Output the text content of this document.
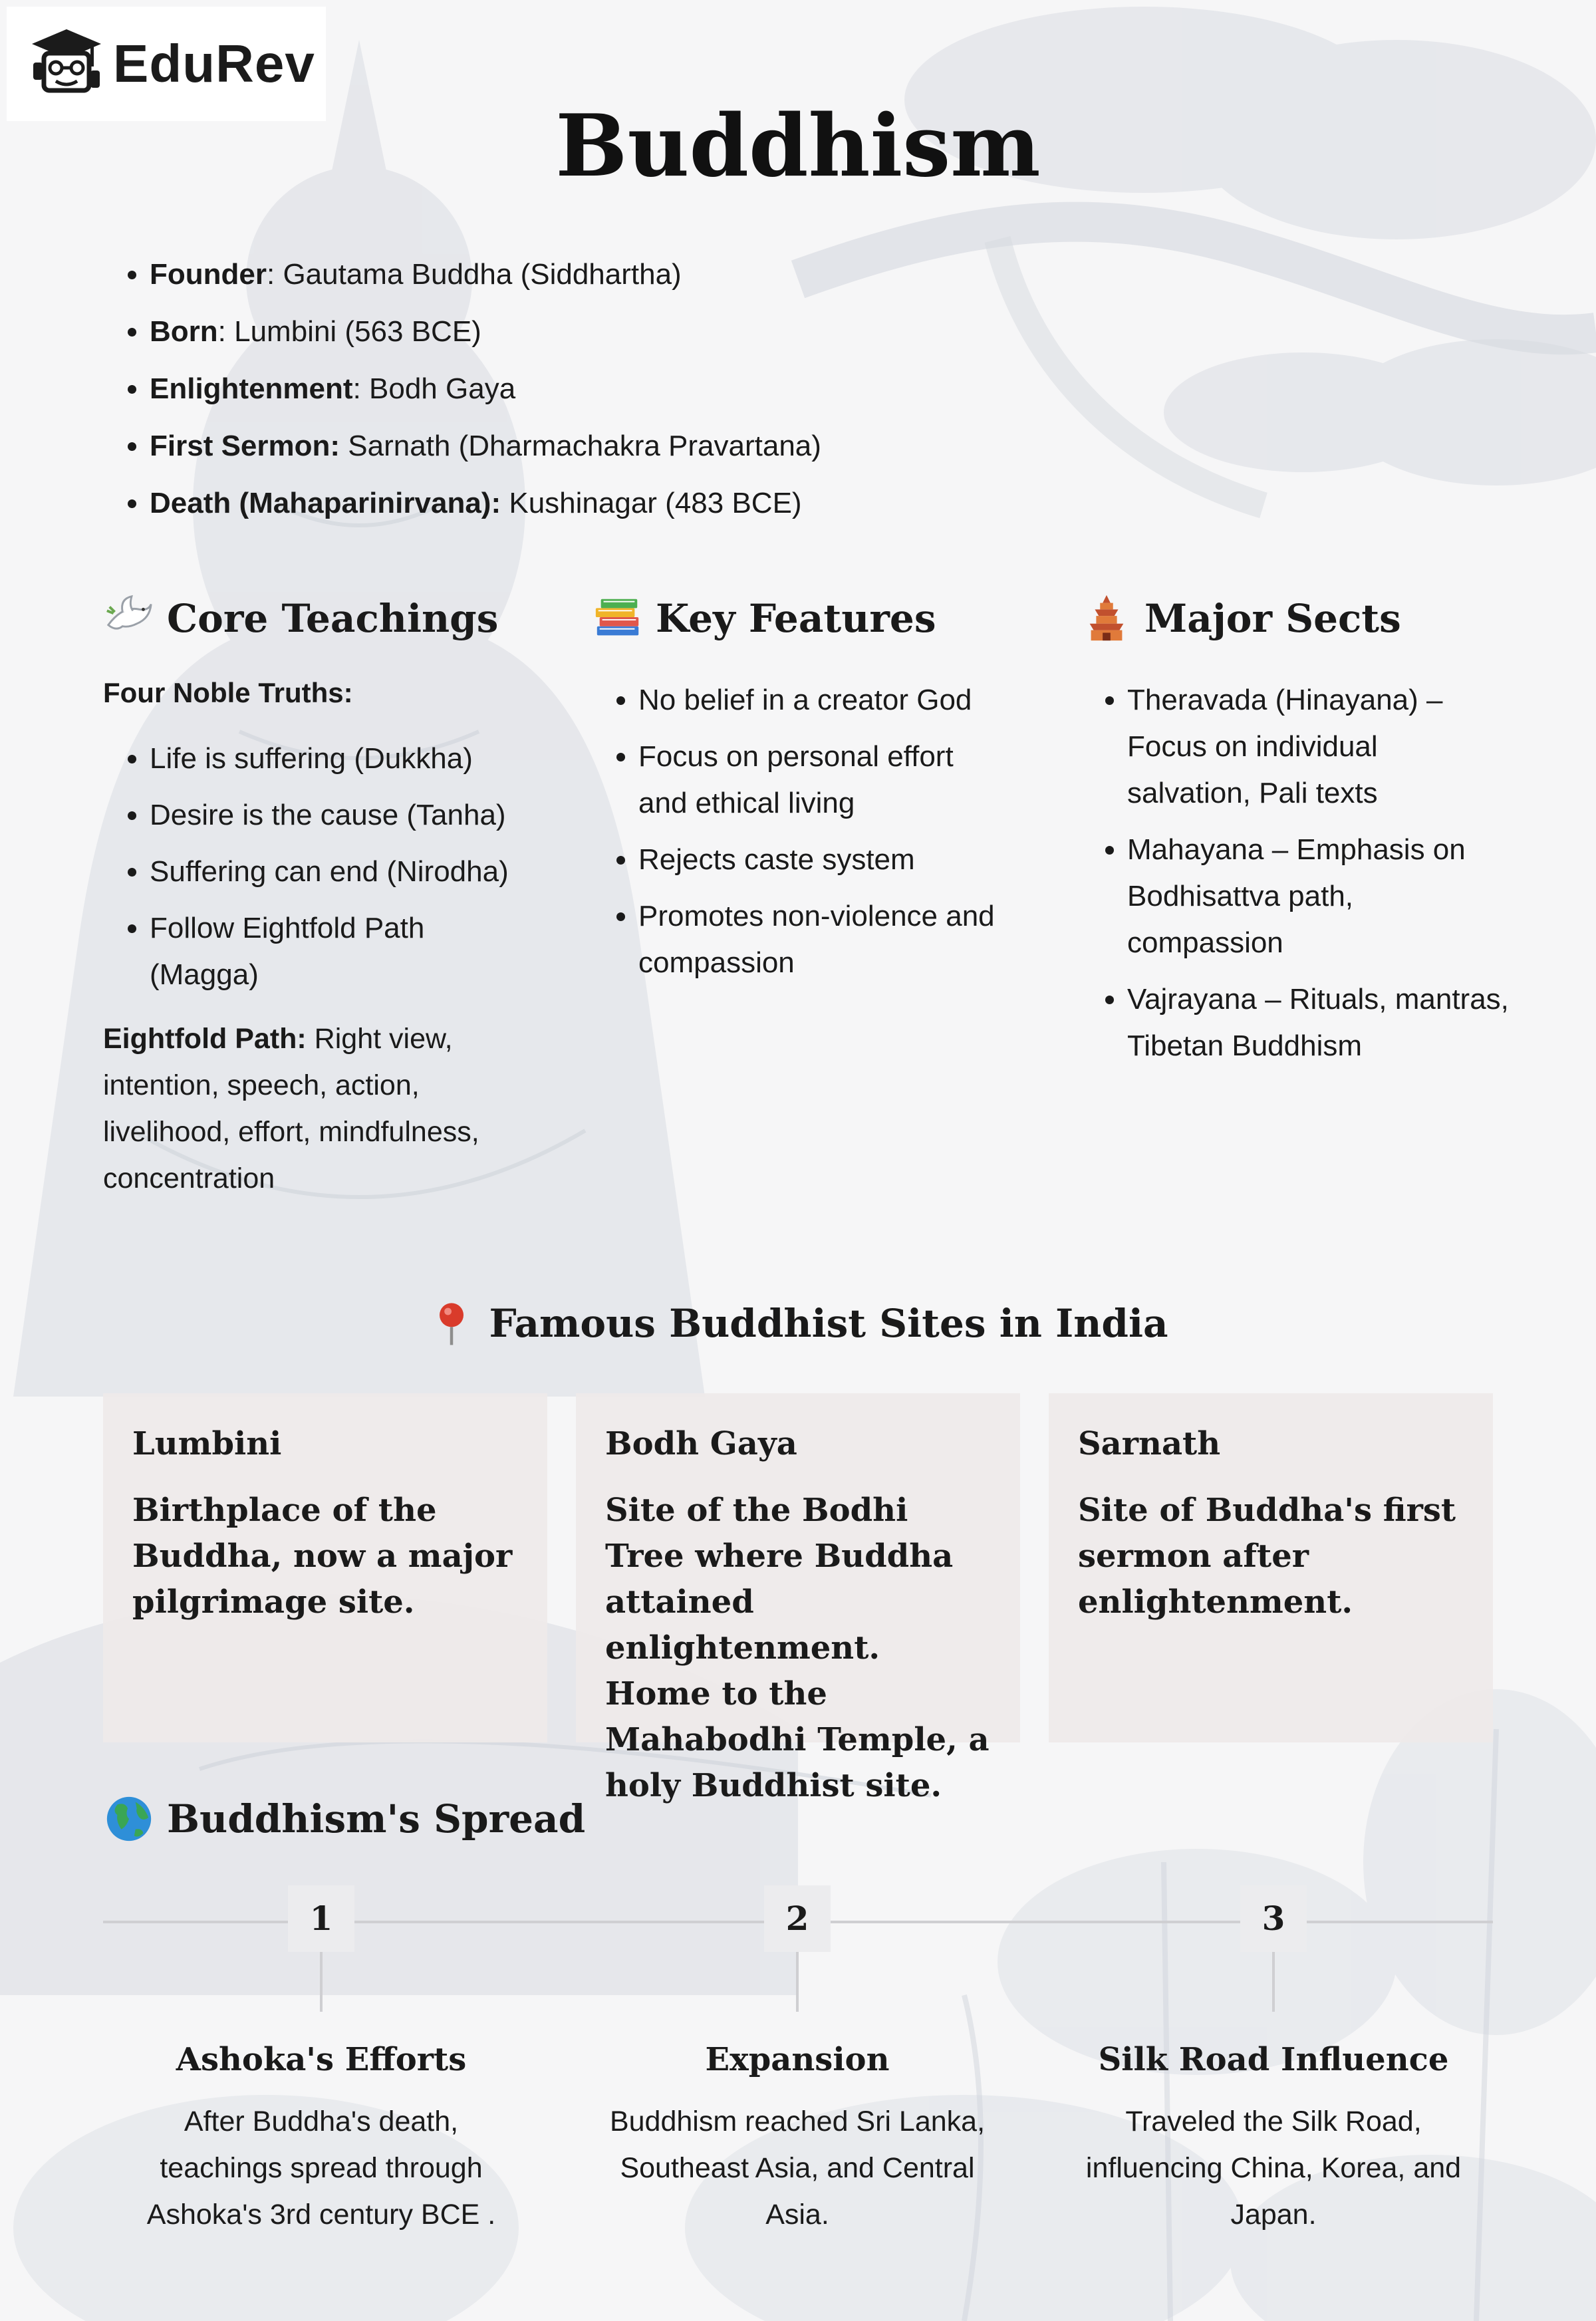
EduRev
Buddhism
• Founder: Gautama Buddha (Siddhartha)
• Born: Lumbini (563 BCE)
• Enlightenment: Bodh Gaya
• First Sermon: Sarnath (Dharmachakra Pravartana)
• Death (Mahaparinirvana): Kushinagar (483 BCE)
Core Teachings
Four Noble Truths:
• Life is suffering (Dukkha)
• Desire is the cause (Tanha)
• Suffering can end (Nirodha)
• Follow Eightfold Path (Magga)
Eightfold Path: Right view, intention, speech, action, livelihood, effort, mindfulness, concentration
Key Features
• No belief in a creator God
• Focus on personal effort and ethical living
• Rejects caste system
• Promotes non-violence and compassion
Major Sects
• Theravada (Hinayana) – Focus on individual salvation, Pali texts
• Mahayana – Emphasis on Bodhisattva path, compassion
• Vajrayana – Rituals, mantras, Tibetan Buddhism
Famous Buddhist Sites in India
Lumbini
Birthplace of the Buddha, now a major pilgrimage site.
Bodh Gaya
Site of the Bodhi Tree where Buddha attained enlightenment. Home to the Mahabodhi Temple, a holy Buddhist site.
Sarnath
Site of Buddha's first sermon after enlightenment.
Buddhism's Spread
1
Ashoka's Efforts
After Buddha's death, teachings spread through Ashoka's 3rd century BCE .
2
Expansion
Buddhism reached Sri Lanka, Southeast Asia, and Central Asia.
3
Silk Road Influence
Traveled the Silk Road, influencing China, Korea, and Japan.
